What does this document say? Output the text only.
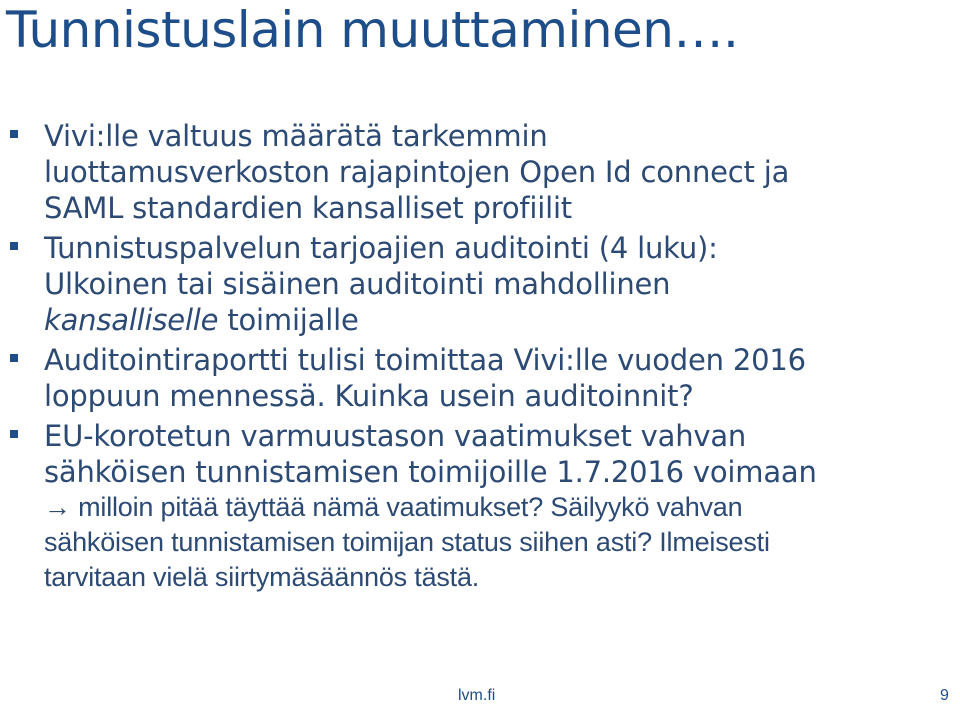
Tunnistuslain muuttaminen….
Vivi:lle valtuus määrätä tarkemmin
luottamusverkoston rajapintojen Open Id connect ja
SAML standardien kansalliset profiilit
Tunnistuspalvelun tarjoajien auditointi (4 luku):
Ulkoinen tai sisäinen auditointi mahdollinen
kansalliselle toimijalle
Auditointiraportti tulisi toimittaa Vivi:lle vuoden 2016
loppuun mennessä. Kuinka usein auditoinnit?
EU-korotetun varmuustason vaatimukset vahvan
sähköisen tunnistamisen toimijoille 1.7.2016 voimaan
→ milloin pitää täyttää nämä vaatimukset? Säilyykö vahvan
sähköisen tunnistamisen toimijan status siihen asti? Ilmeisesti
tarvitaan vielä siirtymäsäännös tästä.
lvm.fi	9
